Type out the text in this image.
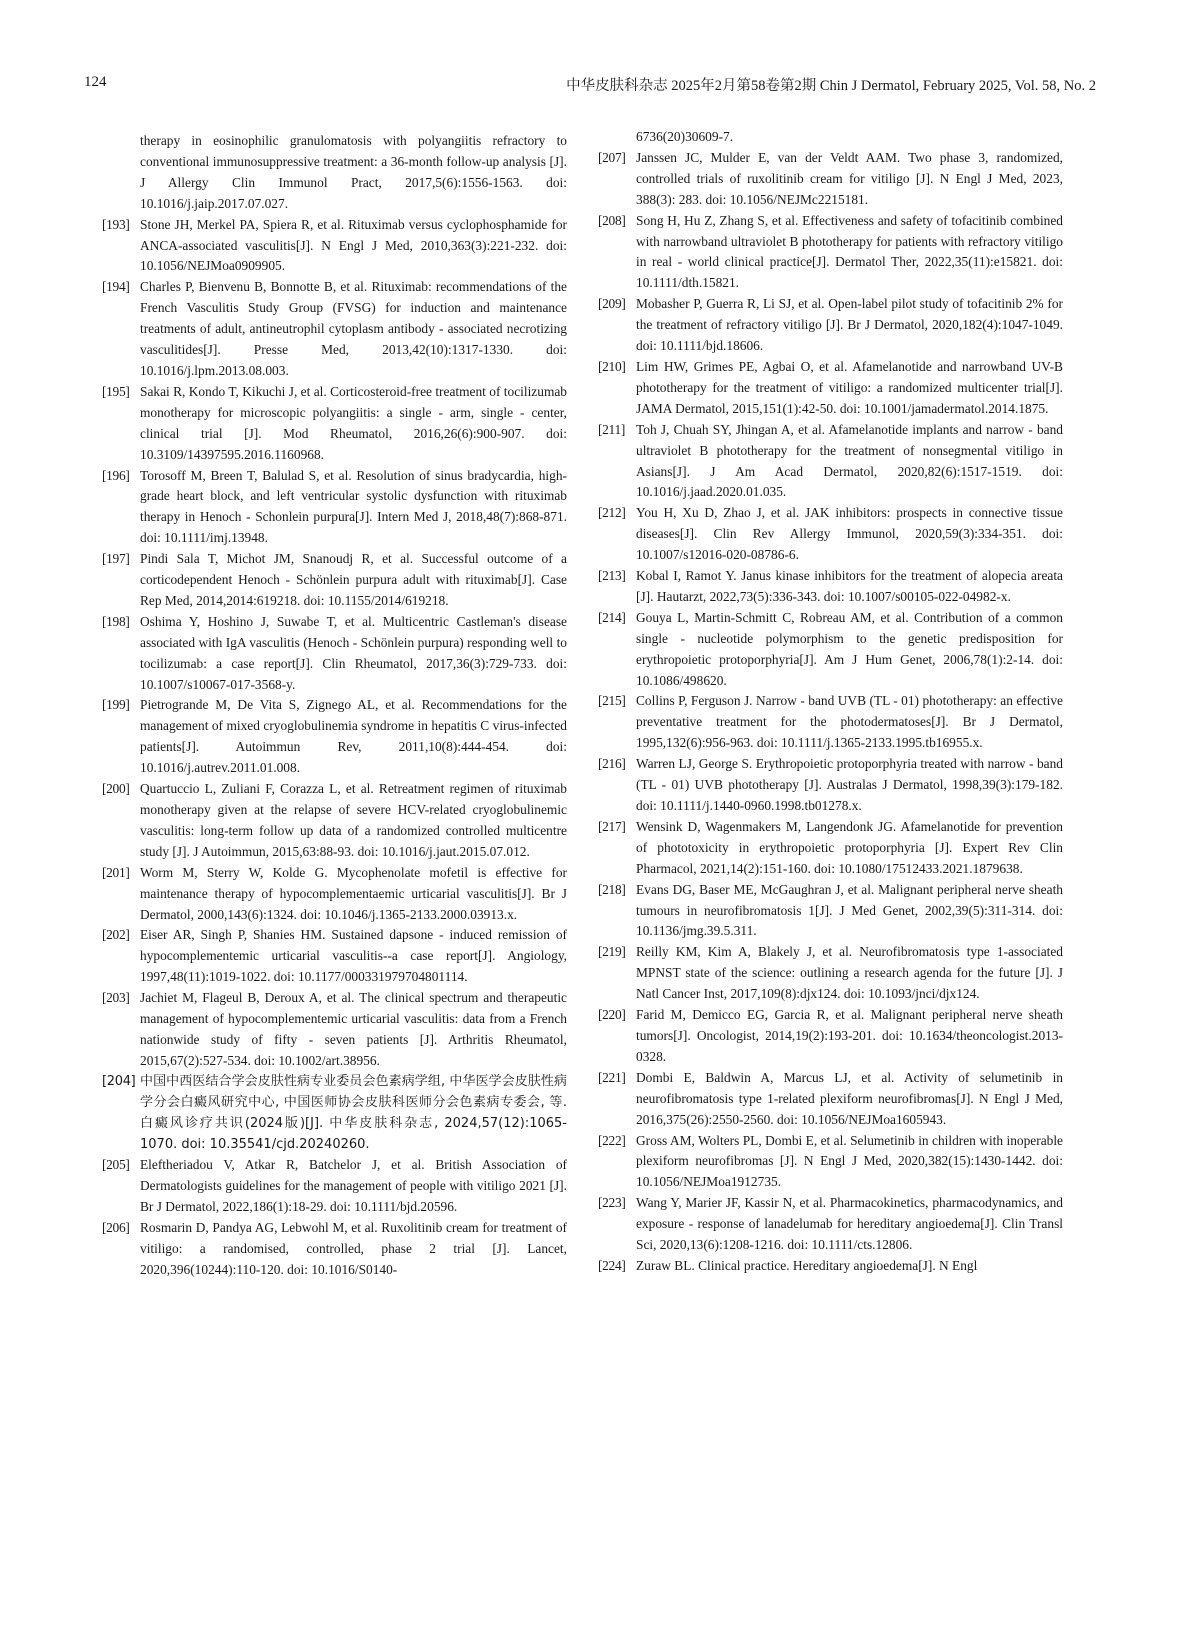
124	中华皮肤科杂志 2025年2月第58卷第2期 Chin J Dermatol, February 2025, Vol. 58, No. 2

therapy in eosinophilic granulomatosis with polyangiitis refractory to conventional immunosuppressive treatment: a 36-month follow-up analysis [J]. J Allergy Clin Immunol Pract, 2017,5(6):1556-1563. doi: 10.1016/j.jaip.2017.07.027.

[193] Stone JH, Merkel PA, Spiera R, et al. Rituximab versus cyclophosphamide for ANCA-associated vasculitis[J]. N Engl J Med, 2010,363(3):221-232. doi: 10.1056/NEJMoa0909905.

[194] Charles P, Bienvenu B, Bonnotte B, et al. Rituximab: recommendations of the French Vasculitis Study Group (FVSG) for induction and maintenance treatments of adult, antineutrophil cytoplasm antibody - associated necrotizing vasculitides[J]. Presse Med, 2013,42(10):1317-1330. doi: 10.1016/j.lpm.2013.08.003.

[195] Sakai R, Kondo T, Kikuchi J, et al. Corticosteroid-free treatment of tocilizumab monotherapy for microscopic polyangiitis: a single - arm, single - center, clinical trial [J]. Mod Rheumatol, 2016,26(6):900-907. doi: 10.3109/14397595.2016.1160968.

[196] Torosoff M, Breen T, Balulad S, et al. Resolution of sinus bradycardia, high-grade heart block, and left ventricular systolic dysfunction with rituximab therapy in Henoch - Schonlein purpura[J]. Intern Med J, 2018,48(7):868-871. doi: 10.1111/imj.13948.

[197] Pindi Sala T, Michot JM, Snanoudj R, et al. Successful outcome of a corticodependent Henoch - Schönlein purpura adult with rituximab[J]. Case Rep Med, 2014,2014:619218. doi: 10.1155/2014/619218.

[198] Oshima Y, Hoshino J, Suwabe T, et al. Multicentric Castleman's disease associated with IgA vasculitis (Henoch - Schönlein purpura) responding well to tocilizumab: a case report[J]. Clin Rheumatol, 2017,36(3):729-733. doi: 10.1007/s10067-017-3568-y.

[199] Pietrogrande M, De Vita S, Zignego AL, et al. Recommendations for the management of mixed cryoglobulinemia syndrome in hepatitis C virus-infected patients[J]. Autoimmun Rev, 2011,10(8):444-454. doi: 10.1016/j.autrev.2011.01.008.

[200] Quartuccio L, Zuliani F, Corazza L, et al. Retreatment regimen of rituximab monotherapy given at the relapse of severe HCV-related cryoglobulinemic vasculitis: long-term follow up data of a randomized controlled multicentre study [J]. J Autoimmun, 2015,63:88-93. doi: 10.1016/j.jaut.2015.07.012.

[201] Worm M, Sterry W, Kolde G. Mycophenolate mofetil is effective for maintenance therapy of hypocomplementaemic urticarial vasculitis[J]. Br J Dermatol, 2000,143(6):1324. doi: 10.1046/j.1365-2133.2000.03913.x.

[202] Eiser AR, Singh P, Shanies HM. Sustained dapsone - induced remission of hypocomplementemic urticarial vasculitis--a case report[J]. Angiology, 1997,48(11):1019-1022. doi: 10.1177/000331979704801114.

[203] Jachiet M, Flageul B, Deroux A, et al. The clinical spectrum and therapeutic management of hypocomplementemic urticarial vasculitis: data from a French nationwide study of fifty - seven patients [J]. Arthritis Rheumatol, 2015,67(2):527-534. doi: 10.1002/art.38956.

[204] 中国中西医结合学会皮肤性病专业委员会色素病学组, 中华医学会皮肤性病学分会白癜风研究中心, 中国医师协会皮肤科医师分会色素病专委会, 等. 白癜风诊疗共识(2024版)[J]. 中华皮肤科杂志, 2024,57(12):1065-1070. doi: 10.35541/cjd.20240260.

[205] Eleftheriadou V, Atkar R, Batchelor J, et al. British Association of Dermatologists guidelines for the management of people with vitiligo 2021 [J]. Br J Dermatol, 2022,186(1):18-29. doi: 10.1111/bjd.20596.

[206] Rosmarin D, Pandya AG, Lebwohl M, et al. Ruxolitinib cream for treatment of vitiligo: a randomised, controlled, phase 2 trial [J]. Lancet, 2020,396(10244):110-120. doi: 10.1016/S0140-

6736(20)30609-7.

[207] Janssen JC, Mulder E, van der Veldt AAM. Two phase 3, randomized, controlled trials of ruxolitinib cream for vitiligo [J]. N Engl J Med, 2023, 388(3): 283. doi: 10.1056/NEJMc2215181.

[208] Song H, Hu Z, Zhang S, et al. Effectiveness and safety of tofacitinib combined with narrowband ultraviolet B phototherapy for patients with refractory vitiligo in real - world clinical practice[J]. Dermatol Ther, 2022,35(11):e15821. doi: 10.1111/dth.15821.

[209] Mobasher P, Guerra R, Li SJ, et al. Open-label pilot study of tofacitinib 2% for the treatment of refractory vitiligo [J]. Br J Dermatol, 2020,182(4):1047-1049. doi: 10.1111/bjd.18606.

[210] Lim HW, Grimes PE, Agbai O, et al. Afamelanotide and narrowband UV-B phototherapy for the treatment of vitiligo: a randomized multicenter trial[J]. JAMA Dermatol, 2015,151(1):42-50. doi: 10.1001/jamadermatol.2014.1875.

[211] Toh J, Chuah SY, Jhingan A, et al. Afamelanotide implants and narrow - band ultraviolet B phototherapy for the treatment of nonsegmental vitiligo in Asians[J]. J Am Acad Dermatol, 2020,82(6):1517-1519. doi: 10.1016/j.jaad.2020.01.035.

[212] You H, Xu D, Zhao J, et al. JAK inhibitors: prospects in connective tissue diseases[J]. Clin Rev Allergy Immunol, 2020,59(3):334-351. doi: 10.1007/s12016-020-08786-6.

[213] Kobal I, Ramot Y. Janus kinase inhibitors for the treatment of alopecia areata [J]. Hautarzt, 2022,73(5):336-343. doi: 10.1007/s00105-022-04982-x.

[214] Gouya L, Martin-Schmitt C, Robreau AM, et al. Contribution of a common single - nucleotide polymorphism to the genetic predisposition for erythropoietic protoporphyria[J]. Am J Hum Genet, 2006,78(1):2-14. doi: 10.1086/498620.

[215] Collins P, Ferguson J. Narrow - band UVB (TL - 01) phototherapy: an effective preventative treatment for the photodermatoses[J]. Br J Dermatol, 1995,132(6):956-963. doi: 10.1111/j.1365-2133.1995.tb16955.x.

[216] Warren LJ, George S. Erythropoietic protoporphyria treated with narrow - band (TL - 01) UVB phototherapy [J]. Australas J Dermatol, 1998,39(3):179-182. doi: 10.1111/j.1440-0960.1998.tb01278.x.

[217] Wensink D, Wagenmakers M, Langendonk JG. Afamelanotide for prevention of phototoxicity in erythropoietic protoporphyria [J]. Expert Rev Clin Pharmacol, 2021,14(2):151-160. doi: 10.1080/17512433.2021.1879638.

[218] Evans DG, Baser ME, McGaughran J, et al. Malignant peripheral nerve sheath tumours in neurofibromatosis 1[J]. J Med Genet, 2002,39(5):311-314. doi: 10.1136/jmg.39.5.311.

[219] Reilly KM, Kim A, Blakely J, et al. Neurofibromatosis type 1-associated MPNST state of the science: outlining a research agenda for the future [J]. J Natl Cancer Inst, 2017,109(8):djx124. doi: 10.1093/jnci/djx124.

[220] Farid M, Demicco EG, Garcia R, et al. Malignant peripheral nerve sheath tumors[J]. Oncologist, 2014,19(2):193-201. doi: 10.1634/theoncologist.2013-0328.

[221] Dombi E, Baldwin A, Marcus LJ, et al. Activity of selumetinib in neurofibromatosis type 1-related plexiform neurofibromas[J]. N Engl J Med, 2016,375(26):2550-2560. doi: 10.1056/NEJMoa1605943.

[222] Gross AM, Wolters PL, Dombi E, et al. Selumetinib in children with inoperable plexiform neurofibromas [J]. N Engl J Med, 2020,382(15):1430-1442. doi: 10.1056/NEJMoa1912735.

[223] Wang Y, Marier JF, Kassir N, et al. Pharmacokinetics, pharmacodynamics, and exposure - response of lanadelumab for hereditary angioedema[J]. Clin Transl Sci, 2020,13(6):1208-1216. doi: 10.1111/cts.12806.

[224] Zuraw BL. Clinical practice. Hereditary angioedema[J]. N Engl
